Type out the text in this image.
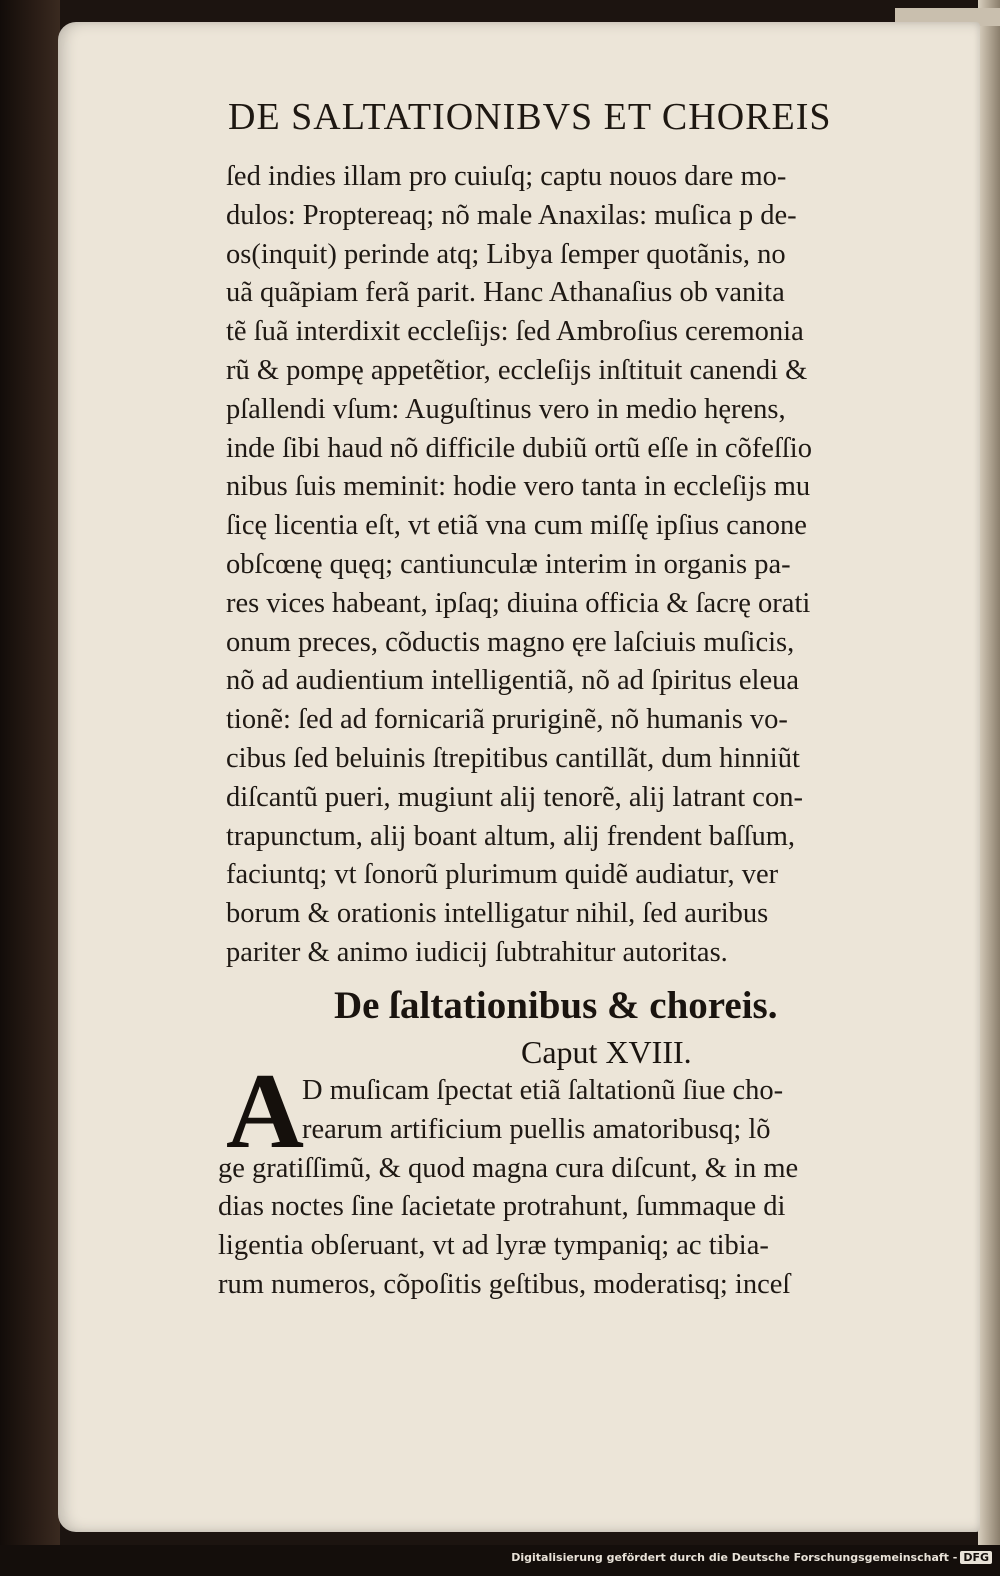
DE SALTATIONIBVS ET CHOREIS
ſed indies illam pro cuiuſq; captu nouos dare mo-
dulos: Proptereaq; nõ male Anaxilas: muſica p de-
os(inquit) perinde atq; Libya ſemper quotãnis, no
uã quãpiam ferã parit. Hanc Athanaſius ob vanita
tẽ ſuã interdixit eccleſijs: ſed Ambroſius ceremonia
rũ & pompę appetẽtior, eccleſijs inſtituit canendi &
pſallendi vſum: Auguſtinus vero in medio hęrens,
inde ſibi haud nõ difficile dubiũ ortũ eſſe in cõfeſſio
nibus ſuis meminit: hodie vero tanta in eccleſijs mu
ſicę licentia eſt, vt etiã vna cum miſſę ipſius canone
obſcœnę quęq; cantiunculæ interim in organis pa-
res vices habeant, ipſaq; diuina officia & ſacrę orati
onum preces, cõductis magno ęre laſciuis muſicis,
nõ ad audientium intelligentiã, nõ ad ſpiritus eleua
tionẽ: ſed ad fornicariã pruriginẽ, nõ humanis vo-
cibus ſed beluinis ſtrepitibus cantillãt, dum hinniũt
diſcantũ pueri, mugiunt alij tenorẽ, alij latrant con-
trapunctum, alij boant altum, alij frendent baſſum,
faciuntq; vt ſonorũ plurimum quidẽ audiatur, ver
borum & orationis intelligatur nihil, ſed auribus
pariter & animo iudicij ſubtrahitur autoritas.
De ſaltationibus & choreis.
Caput XVIII.
A
D muſicam ſpectat etiã ſaltationũ ſiue cho-
rearum artificium puellis amatoribusq; lõ
ge gratiſſimũ, & quod magna cura diſcunt, & in me
dias noctes ſine ſacietate protrahunt, ſummaque di
ligentia obſeruant, vt ad lyræ tympaniq; ac tibia-
rum numeros, cõpoſitis geſtibus, moderatisq; inceſ
Digitalisierung gefördert durch die Deutsche Forschungsgemeinschaft - DFG
